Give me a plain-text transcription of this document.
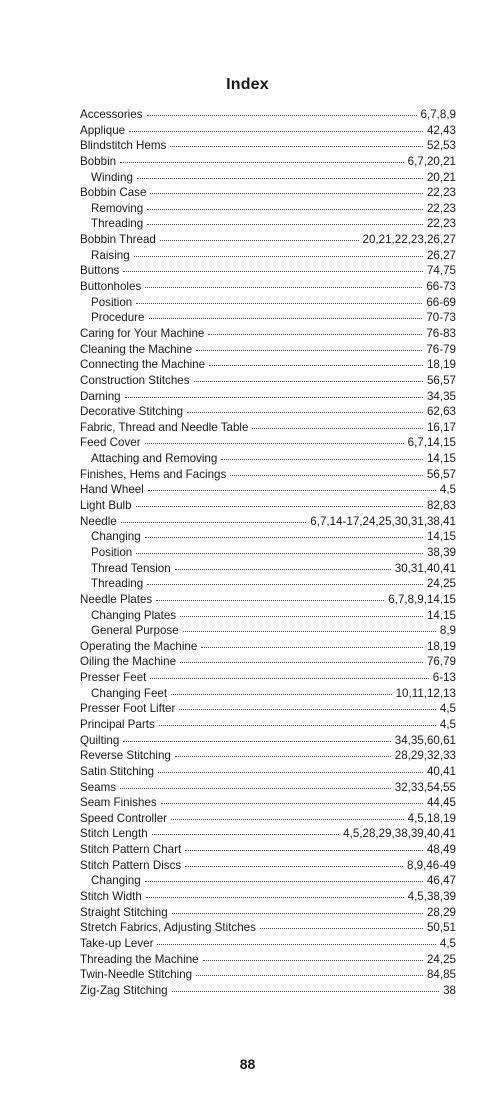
Index
Accessories	6,7,8,9
Applique	42,43
Blindstitch Hems	52,53
Bobbin	6,7,20,21
Winding	20,21
Bobbin Case	22,23
Removing	22,23
Threading	22,23
Bobbin Thread	20,21,22,23,26,27
Raising	26,27
Buttons	74,75
Buttonholes	66-73
Position	66-69
Procedure	70-73
Caring for Your Machine	76-83
Cleaning the Machine	76-79
Connecting the Machine	18,19
Construction Stitches	56,57
Darning	34,35
Decorative Stitching	62,63
Fabric, Thread and Needle Table	16,17
Feed Cover	6,7,14,15
Attaching and Removing	14,15
Finishes, Hems and Facings	56,57
Hand Wheel	4,5
Light Bulb	82,83
Needle	6,7,14-17,24,25,30,31,38,41
Changing	14,15
Position	38,39
Thread Tension	30,31,40,41
Threading	24,25
Needle Plates	6,7,8,9,14,15
Changing Plates	14,15
General Purpose	8,9
Operating the Machine	18,19
Oiling the Machine	76,79
Presser Feet	6-13
Changing Feet	10,11,12,13
Presser Foot Lifter	4,5
Principal Parts	4,5
Quilting	34,35,60,61
Reverse Stitching	28,29,32,33
Satin Stitching	40,41
Seams	32,33,54,55
Seam Finishes	44,45
Speed Controller	4,5,18,19
Stitch Length	4,5,28,29,38,39,40,41
Stitch Pattern Chart	48,49
Stitch Pattern Discs	8,9,46-49
Changing	46,47
Stitch Width	4,5,38,39
Straight Stitching	28,29
Stretch Fabrics, Adjusting Stitches	50,51
Take-up Lever	4,5
Threading the Machine	24,25
Twin-Needle Stitching	84,85
Zig-Zag Stitching	38
88
